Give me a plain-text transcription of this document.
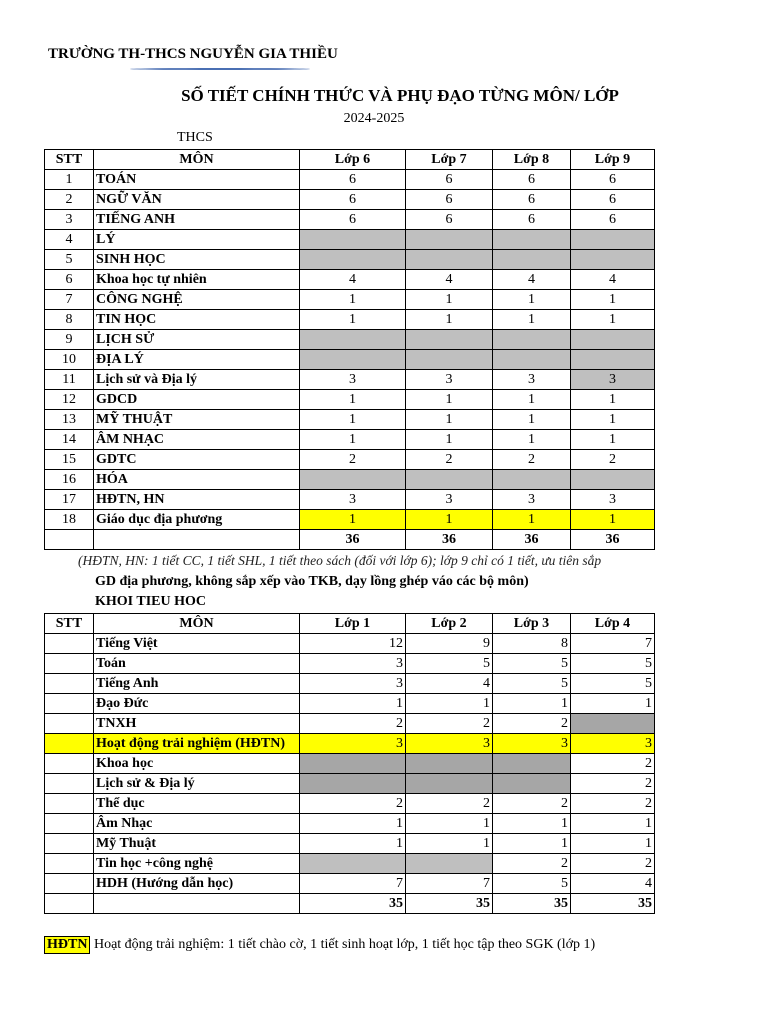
TRƯỜNG TH-THCS NGUYỄN GIA THIỀU
SỐ TIẾT CHÍNH THỨC VÀ PHỤ ĐẠO TỪNG MÔN/ LỚP
2024-2025
THCS
STT	MÔN	Lớp 6	Lớp 7	Lớp 8	Lớp 9
1	TOÁN	6	6	6	6
2	NGỮ VĂN	6	6	6	6
3	TIẾNG ANH	6	6	6	6
4	LÝ				
5	SINH HỌC				
6	Khoa học tự nhiên	4	4	4	4
7	CÔNG NGHỆ	1	1	1	1
8	TIN HỌC	1	1	1	1
9	LỊCH SỬ				
10	ĐỊA LÝ				
11	Lịch sử và Địa lý	3	3	3	3
12	GDCD	1	1	1	1
13	MỸ THUẬT	1	1	1	1
14	ÂM NHẠC	1	1	1	1
15	GDTC	2	2	2	2
16	HÓA				
17	HĐTN, HN	3	3	3	3
18	Giáo dục địa phương	1	1	1	1
		36	36	36	36
(HĐTN, HN: 1 tiết CC, 1 tiết SHL, 1 tiết theo sách (đối với lớp 6); lớp 9 chỉ có 1 tiết, ưu tiên sắp
GD địa phương, không sắp xếp vào TKB, dạy lồng ghép váo các bộ môn)
KHOI TIEU HOC
STT	MÔN	Lớp 1	Lớp 2	Lớp 3	Lớp 4
	Tiếng Việt	12	9	8	7
	Toán	3	5	5	5
	Tiếng Anh	3	4	5	5
	Đạo Đức	1	1	1	1
	TNXH	2	2	2	
	Hoạt động trải nghiệm (HĐTN)	3	3	3	3
	Khoa học				2
	Lịch sử & Địa lý				2
	Thể dục	2	2	2	2
	Âm Nhạc	1	1	1	1
	Mỹ Thuật	1	1	1	1
	Tin học +công nghệ			2	2
	HDH (Hướng dẫn học)	7	7	5	4
		35	35	35	35
HĐTN Hoạt động trải nghiệm: 1 tiết chào cờ, 1 tiết sinh hoạt lớp, 1 tiết học tập theo SGK (lớp 1)
